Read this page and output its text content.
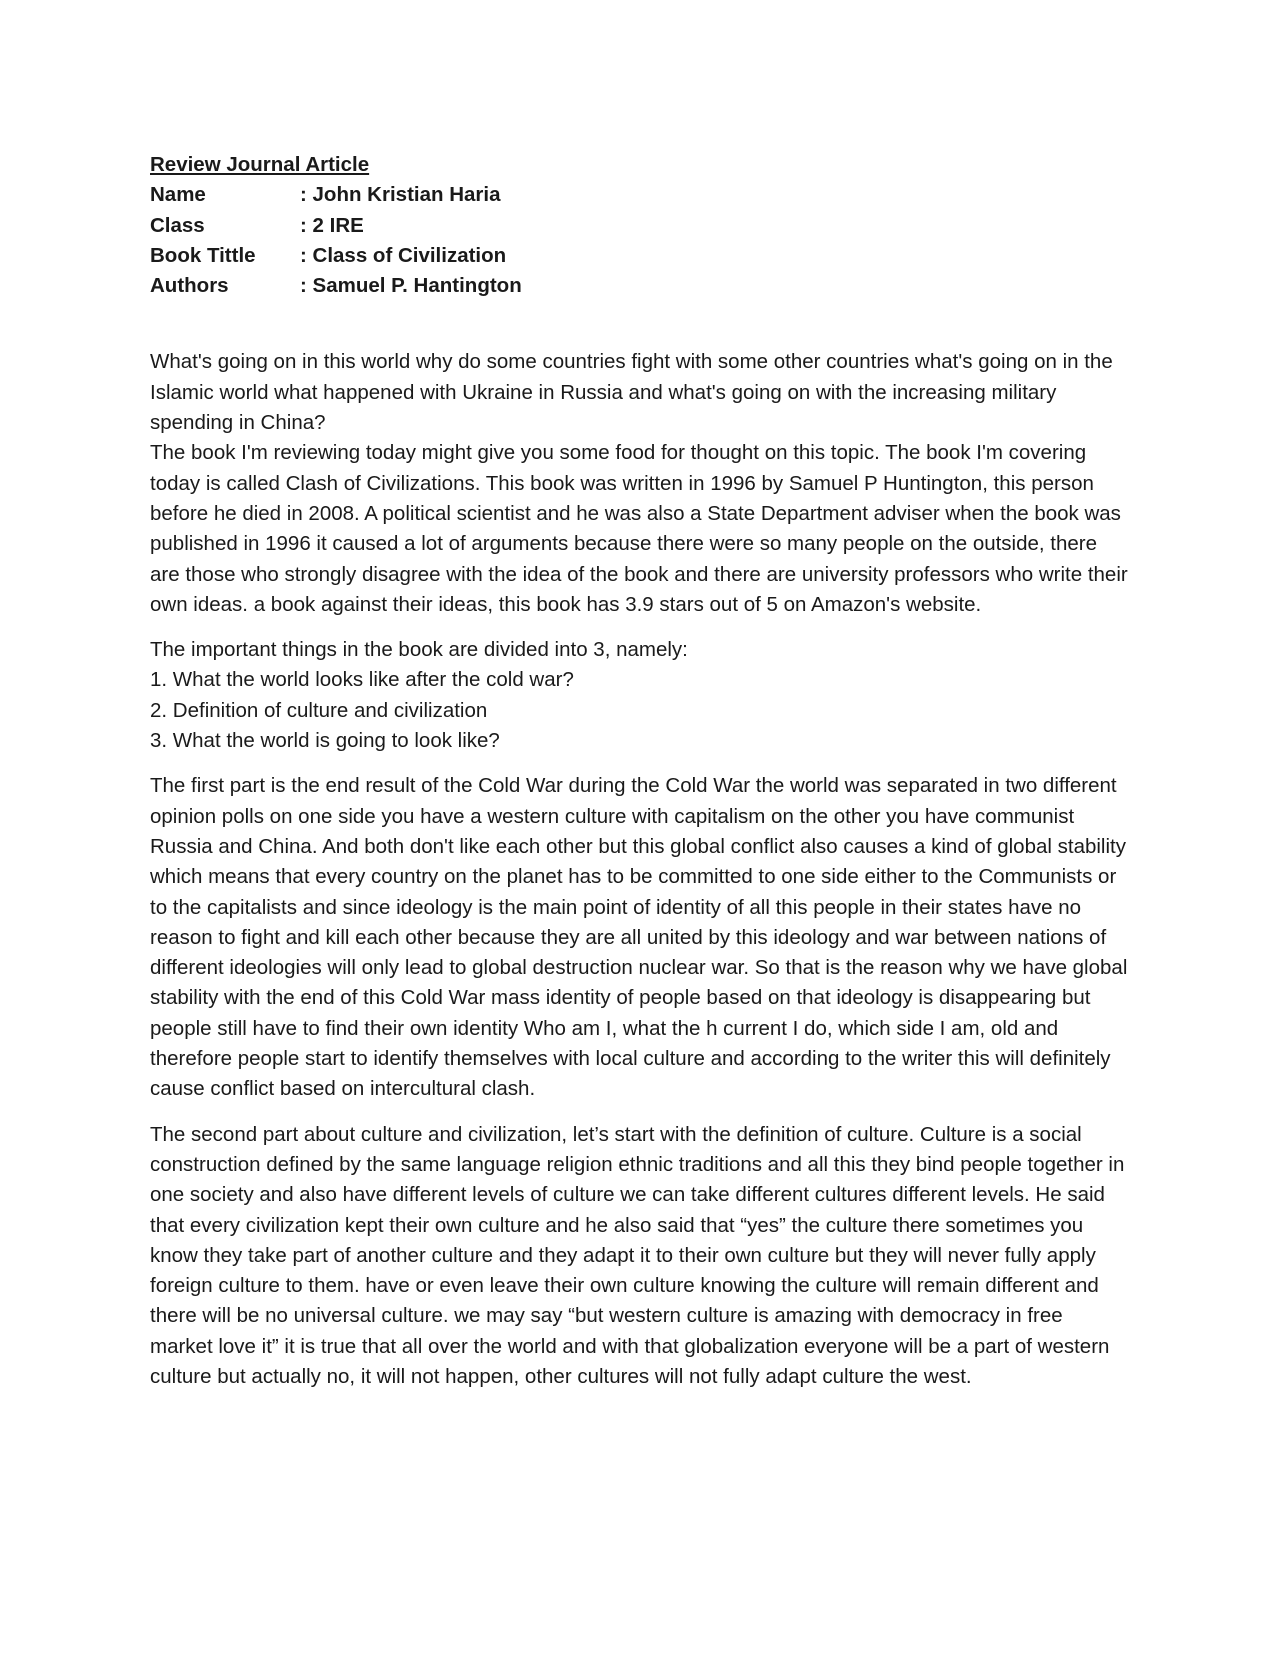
Review Journal Article

Name	: John Kristian Haria
Class	: 2 IRE
Book Tittle	: Class of Civilization
Authors	: Samuel P. Hantington

What's going on in this world why do some countries fight with some other countries what's going on in the Islamic world what happened with Ukraine in Russia and what's going on with the increasing military spending in China?

The book I'm reviewing today might give you some food for thought on this topic. The book I'm covering today is called Clash of Civilizations. This book was written in 1996 by Samuel P Huntington, this person before he died in 2008. A political scientist and he was also a State Department adviser when the book was published in 1996 it caused a lot of arguments because there were so many people on the outside, there are those who strongly disagree with the idea of the book and there are university professors who write their own ideas. a book against their ideas, this book has 3.9 stars out of 5 on Amazon's website.

The important things in the book are divided into 3, namely:

1. What the world looks like after the cold war?

2. Definition of culture and civilization

3. What the world is going to look like?

The first part is the end result of the Cold War during the Cold War the world was separated in two different opinion polls on one side you have a western culture with capitalism on the other you have communist Russia and China. And both don't like each other but this global conflict also causes a kind of global stability which means that every country on the planet has to be committed to one side either to the Communists or to the capitalists and since ideology is the main point of identity of all this people in their states have no reason to fight and kill each other because they are all united by this ideology and war between nations of different ideologies will only lead to global destruction nuclear war. So that is the reason why we have global stability with the end of this Cold War mass identity of people based on that ideology is disappearing but people still have to find their own identity Who am I, what the h current I do, which side I am, old and therefore people start to identify themselves with local culture and according to the writer this will definitely cause conflict based on intercultural clash.

The second part about culture and civilization, let’s start with the definition of culture. Culture is a social construction defined by the same language religion ethnic traditions and all this they bind people together in one society and also have different levels of culture we can take different cultures different levels. He said that every civilization kept their own culture and he also said that “yes” the culture there sometimes you know they take part of another culture and they adapt it to their own culture but they will never fully apply foreign culture to them. have or even leave their own culture knowing the culture will remain different and there will be no universal culture. we may say “but western culture is amazing with democracy in free market love it” it is true that all over the world and with that globalization everyone will be a part of western culture but actually no, it will not happen, other cultures will not fully adapt culture the west.
